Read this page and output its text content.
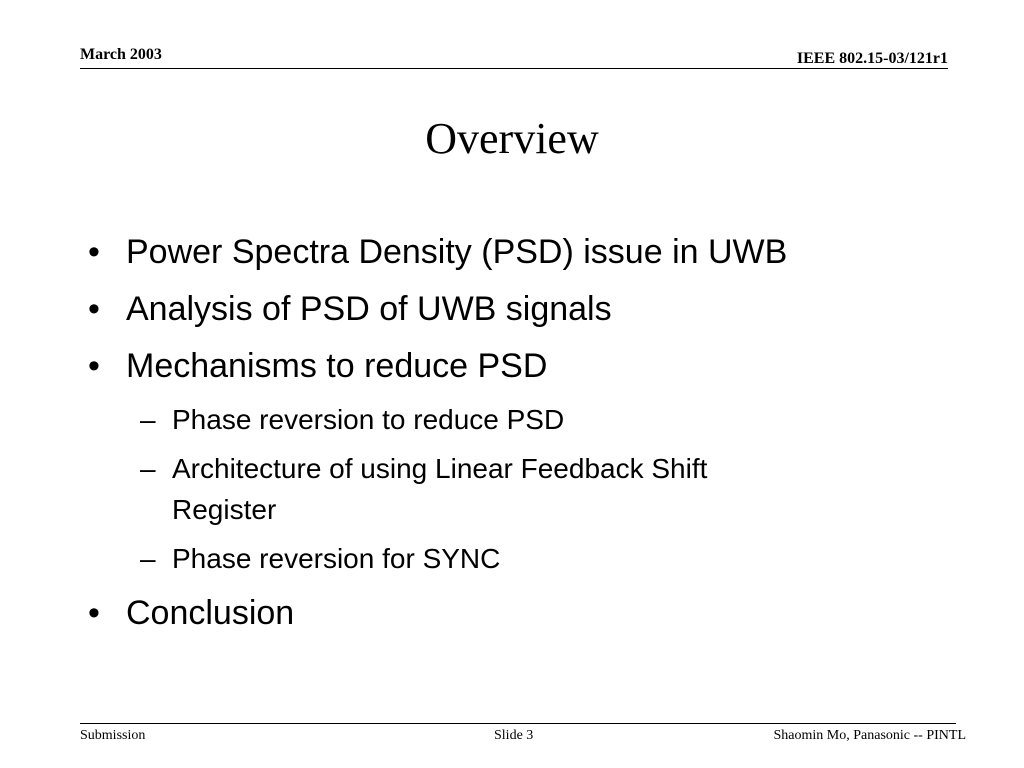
March 2003	IEEE 802.15-03/121r1
Overview
• Power Spectra Density (PSD) issue in UWB
• Analysis of PSD of UWB signals
• Mechanisms to reduce PSD
– Phase reversion to reduce PSD
– Architecture of using Linear Feedback Shift
Register
– Phase reversion for SYNC
• Conclusion
Submission	Slide 3	Shaomin Mo, Panasonic -- PINTL
